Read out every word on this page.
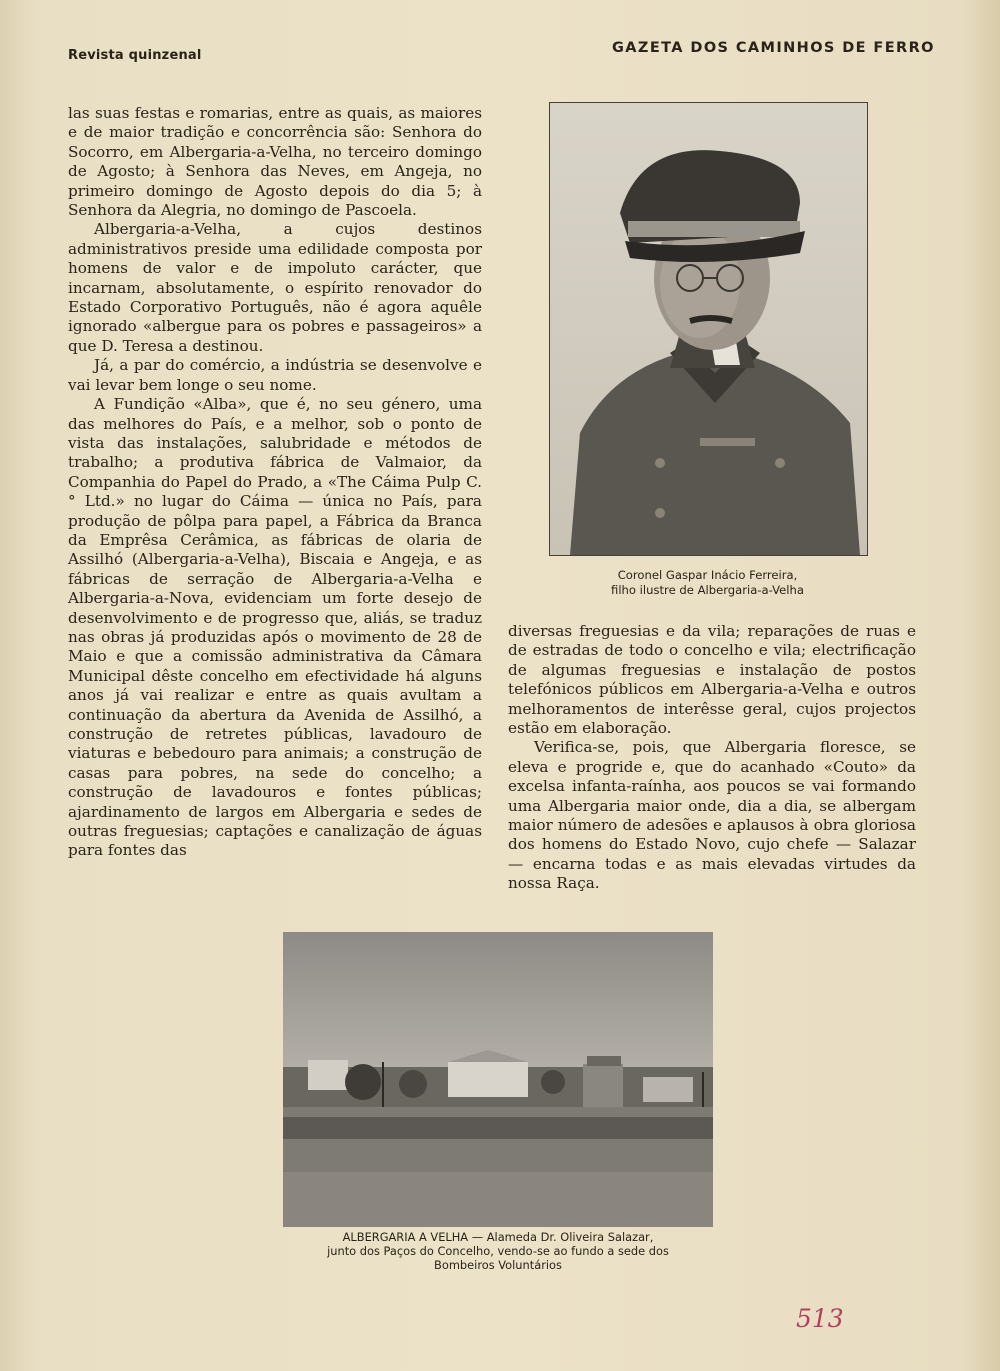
Revista quinzenal	GAZETA DOS CAMINHOS DE FERRO

las suas festas e romarias, entre as quais, as maiores e de maior tradição e concorrência são: Senhora do Socorro, em Albergaria-a-Velha, no terceiro domingo de Agosto; à Senhora das Neves, em Angeja, no primeiro domingo de Agosto depois do dia 5; à Senhora da Alegria, no domingo de Pascoela.

Albergaria-a-Velha, a cujos destinos administrativos preside uma edilidade composta por homens de valor e de impoluto carácter, que incarnam, absolutamente, o espírito renovador do Estado Corporativo Português, não é agora aquêle ignorado «albergue para os pobres e passageiros» a que D. Teresa a destinou.

Já, a par do comércio, a indústria se desenvolve e vai levar bem longe o seu nome.

A Fundição «Alba», que é, no seu género, uma das melhores do País, e a melhor, sob o ponto de vista das instalações, salubridade e métodos de trabalho; a produtiva fábrica de Valmaior, da Companhia do Papel do Prado, a «The Cáima Pulp C.° Ltd.» no lugar do Cáima — única no País, para produção de pôlpa para papel, a Fábrica da Branca da Emprêsa Cerâmica, as fábricas de olaria de Assilhó (Albergaria-a-Velha), Biscaia e Angeja, e as fábricas de serração de Albergaria-a-Velha e Albergaria-a-Nova, evidenciam um forte desejo de desenvolvimento e de progresso que, aliás, se traduz nas obras já produzidas após o movimento de 28 de Maio e que a comissão administrativa da Câmara Municipal dêste concelho em efectividade há alguns anos já vai realizar e entre as quais avultam a continuação da abertura da Avenida de Assilhó, a construção de retretes públicas, lavadouro de viaturas e bebedouro para animais; a construção de casas para pobres, na sede do concelho; a construção de lavadouros e fontes públicas; ajardinamento de largos em Albergaria e sedes de outras freguesias; captações e canalização de águas para fontes das

Coronel Gaspar Inácio Ferreira,
filho ilustre de Albergaria-a-Velha

diversas freguesias e da vila; reparações de ruas e de estradas de todo o concelho e vila; electrificação de algumas freguesias e instalação de postos telefónicos públicos em Albergaria-a-Velha e outros melhoramentos de interêsse geral, cujos projectos estão em elaboração.

Verifica-se, pois, que Albergaria floresce, se eleva e progride e, que do acanhado «Couto» da excelsa infanta-raínha, aos poucos se vai formando uma Albergaria maior onde, dia a dia, se albergam maior número de adesões e aplausos à obra gloriosa dos homens do Estado Novo, cujo chefe — Salazar — encarna todas e as mais elevadas virtudes da nossa Raça.

ALBERGARIA A VELHA — Alameda Dr. Oliveira Salazar,
junto dos Paços do Concelho, vendo-se ao fundo a sede dos
Bombeiros Voluntários
513
